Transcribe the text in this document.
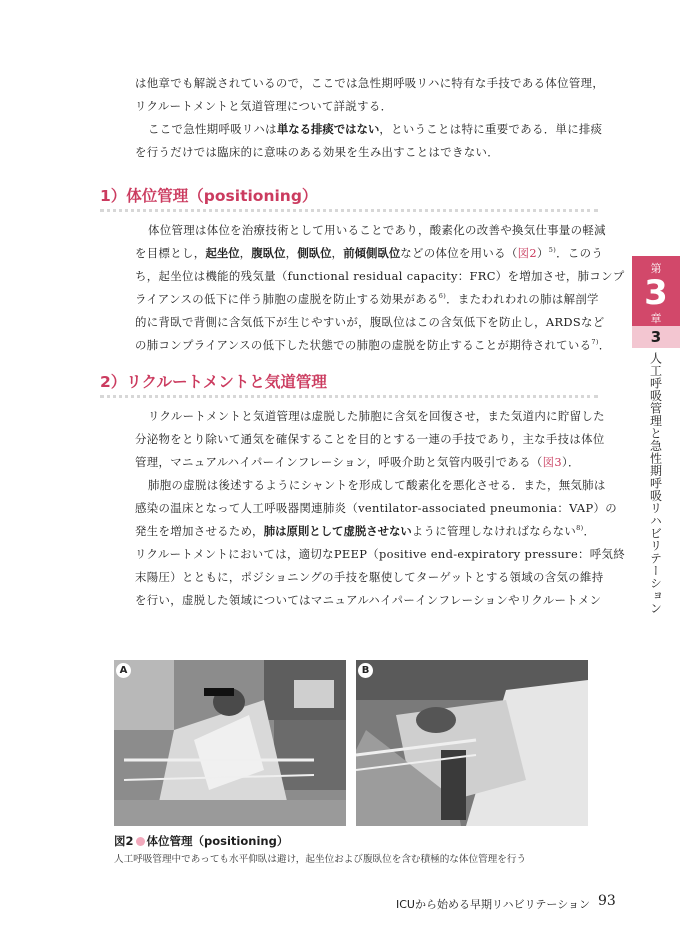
は他章でも解説されているので，ここでは急性期呼吸リハに特有な手技である体位管理，
リクルートメントと気道管理について詳説する．
ここで急性期呼吸リハは単なる排痰ではない，ということは特に重要である．単に排痰
を行うだけでは臨床的に意味のある効果を生み出すことはできない．
1）体位管理（positioning）
体位管理は体位を治療技術として用いることであり，酸素化の改善や換気仕事量の軽減
を目標とし，起坐位，腹臥位，側臥位，前傾側臥位などの体位を用いる（図2）$^{5)}$．このう
ち，起坐位は機能的残気量（functional residual capacity：FRC）を増加させ，肺コンプ
ライアンスの低下に伴う肺胞の虚脱を防止する効果がある$^{6)}$．またわれわれの肺は解剖学
的に背臥で背側に含気低下が生じやすいが，腹臥位はこの含気低下を防止し，ARDSなど
の肺コンプライアンスの低下した状態での肺胞の虚脱を防止することが期待されている$^{7)}$．
2）リクルートメントと気道管理
リクルートメントと気道管理は虚脱した肺胞に含気を回復させ，また気道内に貯留した
分泌物をとり除いて通気を確保することを目的とする一連の手技であり，主な手技は体位
管理，マニュアルハイパーインフレーション，呼吸介助と気管内吸引である（図3）．
肺胞の虚脱は後述するようにシャントを形成して酸素化を悪化させる．また，無気肺は
感染の温床となって人工呼吸器関連肺炎（ventilator-associated pneumonia：VAP）の
発生を増加させるため，肺は原則として虚脱させないように管理しなければならない$^{8)}$．
リクルートメントにおいては，適切なPEEP（positive end-expiratory pressure：呼気終
末陽圧）とともに，ポジショニングの手技を駆使してターゲットとする領域の含気の維持
を行い，虚脱した領域についてはマニュアルハイパーインフレーションやリクルートメン
第
3
章
3
人工呼吸管理と急性期呼吸リハビリテーション
A	B
図2 体位管理（positioning）
人工呼吸管理中であっても水平仰臥は避け，起坐位および腹臥位を含む積極的な体位管理を行う
ICUから始める早期リハビリテーション 93
